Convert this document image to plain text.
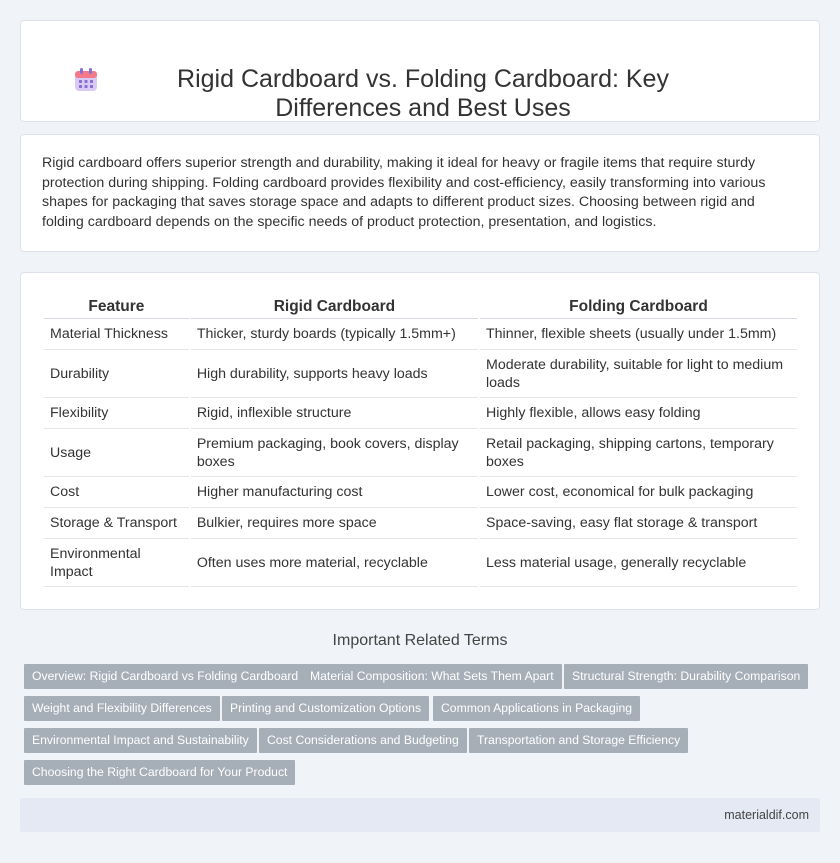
Rigid Cardboard vs. Folding Cardboard: Key Differences and Best Uses

Rigid cardboard offers superior strength and durability, making it ideal for heavy or fragile items that require sturdy protection during shipping. Folding cardboard provides flexibility and cost-efficiency, easily transforming into various shapes for packaging that saves storage space and adapts to different product sizes. Choosing between rigid and folding cardboard depends on the specific needs of product protection, presentation, and logistics.

Feature	Rigid Cardboard	Folding Cardboard
Material Thickness	Thicker, sturdy boards (typically 1.5mm+)	Thinner, flexible sheets (usually under 1.5mm)
Durability	High durability, supports heavy loads	Moderate durability, suitable for light to medium loads
Flexibility	Rigid, inflexible structure	Highly flexible, allows easy folding
Usage	Premium packaging, book covers, display boxes	Retail packaging, shipping cartons, temporary boxes
Cost	Higher manufacturing cost	Lower cost, economical for bulk packaging
Storage & Transport	Bulkier, requires more space	Space-saving, easy flat storage & transport
Environmental Impact	Often uses more material, recyclable	Less material usage, generally recyclable
Important Related Terms
Overview: Rigid Cardboard vs Folding Cardboard Material Composition: What Sets Them Apart	Structural Strength: Durability Comparison
Weight and Flexibility Differences	Printing and Customization Options	Common Applications in Packaging
Environmental Impact and Sustainability	Cost Considerations and Budgeting	Transportation and Storage Efficiency
Choosing the Right Cardboard for Your Product
materialdif.com
